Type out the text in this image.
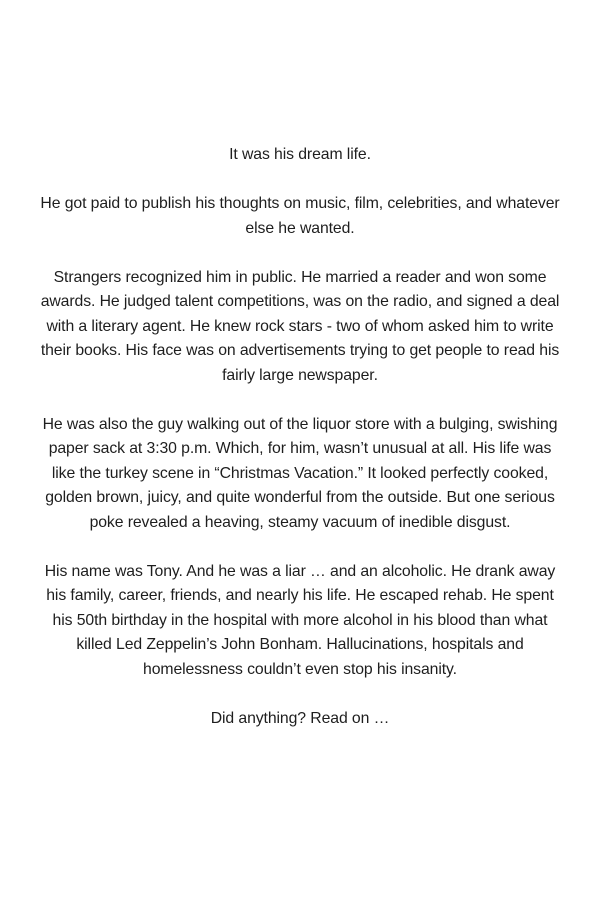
It was his dream life.

He got paid to publish his thoughts on music, film, celebrities, and whatever else he wanted.

Strangers recognized him in public. He married a reader and won some awards. He judged talent competitions, was on the radio, and signed a deal with a literary agent. He knew rock stars - two of whom asked him to write their books. His face was on advertisements trying to get people to read his fairly large newspaper.

He was also the guy walking out of the liquor store with a bulging, swishing paper sack at 3:30 p.m. Which, for him, wasn’t unusual at all. His life was like the turkey scene in “Christmas Vacation.” It looked perfectly cooked, golden brown, juicy, and quite wonderful from the outside. But one serious poke revealed a heaving, steamy vacuum of inedible disgust.

His name was Tony. And he was a liar … and an alcoholic. He drank away his family, career, friends, and nearly his life. He escaped rehab. He spent his 50th birthday in the hospital with more alcohol in his blood than what killed Led Zeppelin’s John Bonham. Hallucinations, hospitals and homelessness couldn’t even stop his insanity.

Did anything? Read on …
